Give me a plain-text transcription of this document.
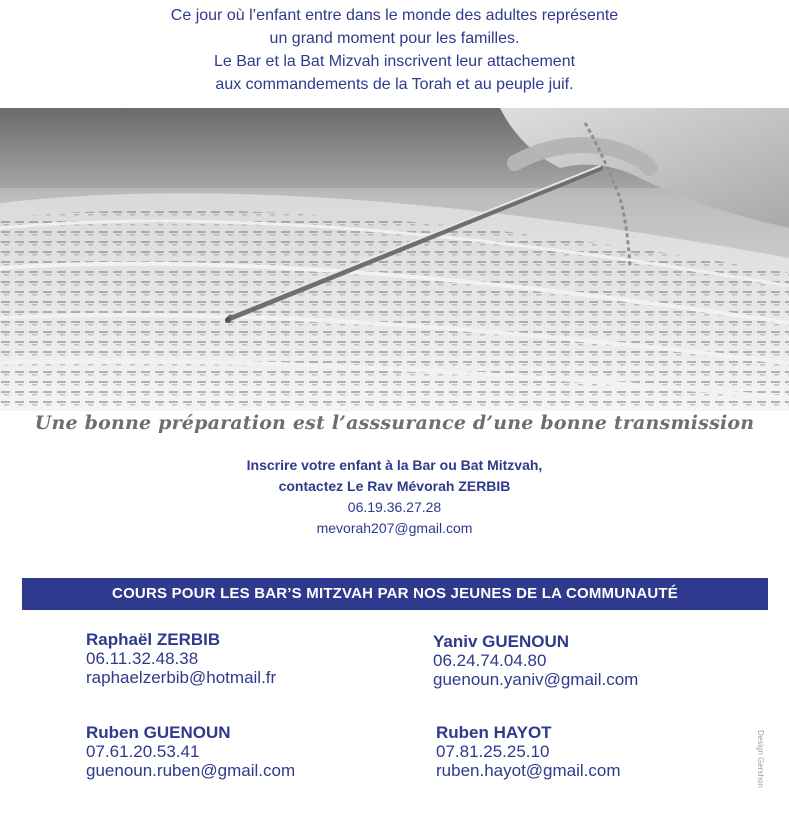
Ce jour où l’enfant entre dans le monde des adultes représente
un grand moment pour les familles.
Le Bar et la Bat Mizvah inscrivent leur attachement
aux commandements de la Torah et au peuple juif.
Une bonne préparation est l’asssurance d’une bonne transmission
Inscrire votre enfant à la Bar ou Bat Mitzvah,
contactez Le Rav Mévorah ZERBIB
06.19.36.27.28
mevorah207@gmail.com
COURS POUR LES BAR’S MITZVAH PAR NOS JEUNES DE LA COMMUNAUTÉ
Raphaël ZERBIB
06.11.32.48.38
raphaelzerbib@hotmail.fr
Yaniv GUENOUN
06.24.74.04.80
guenoun.yaniv@gmail.com
Ruben GUENOUN
07.61.20.53.41
guenoun.ruben@gmail.com
Ruben HAYOT
07.81.25.25.10
ruben.hayot@gmail.com	Design Gershon
